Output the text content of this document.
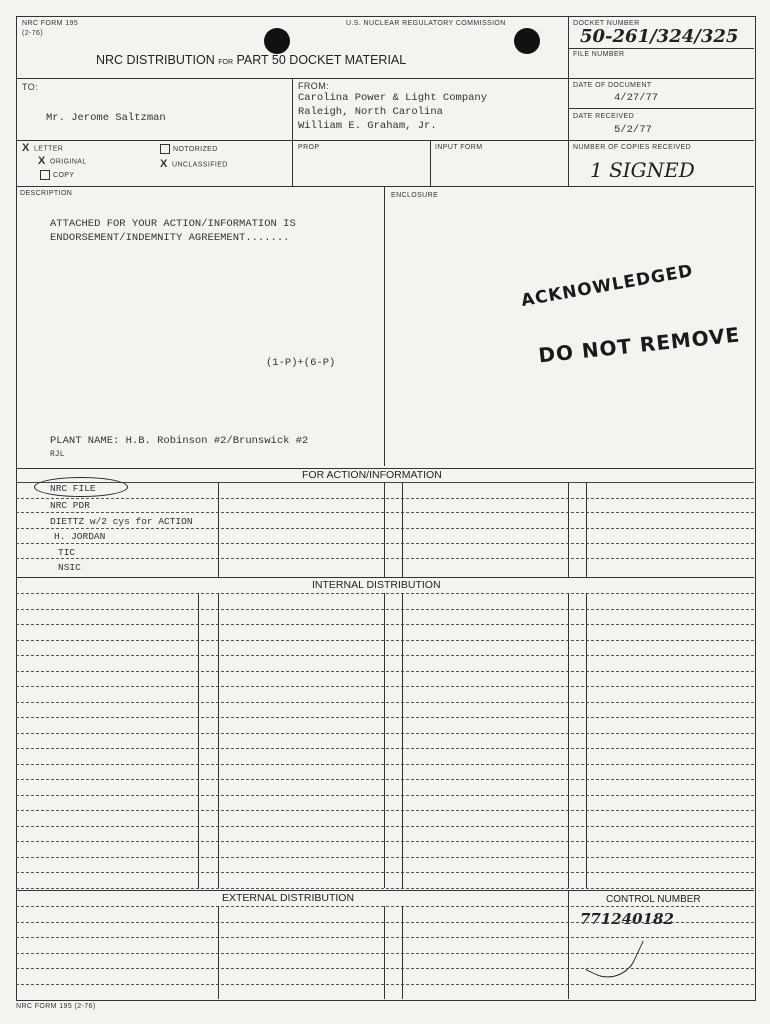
NRC FORM 195
(2-76)
U.S. NUCLEAR REGULATORY COMMISSION
NRC DISTRIBUTION FOR PART 50 DOCKET MATERIAL
DOCKET NUMBER
50-261/324/325
FILE NUMBER
TO:
Mr. Jerome Saltzman
FROM:
Carolina Power & Light Company
Raleigh, North Carolina
William E. Graham, Jr.
DATE OF DOCUMENT
4/27/77
DATE RECEIVED
5/2/77
XLETTER
XORIGINAL
COPY
NOTORIZED
XUNCLASSIFIED
PROP	INPUT FORM	NUMBER OF COPIES RECEIVED
1 SIGNED
DESCRIPTION
ATTACHED FOR YOUR ACTION/INFORMATION IS
ENDORSEMENT/INDEMNITY AGREEMENT.......
(1-P)+(6-P)
PLANT NAME: H.B. Robinson #2/Brunswick #2
RJL
ENCLOSURE
ACKNOWLEDGED
DO NOT REMOVE
FOR ACTION/INFORMATION
NRC FILE
NRC PDR
DIETTZ w/2 cys for ACTION
H. JORDAN
TIC
NSIC
INTERNAL DISTRIBUTION
EXTERNAL DISTRIBUTION	CONTROL NUMBER
771240182
NRC FORM 195 (2-76)
